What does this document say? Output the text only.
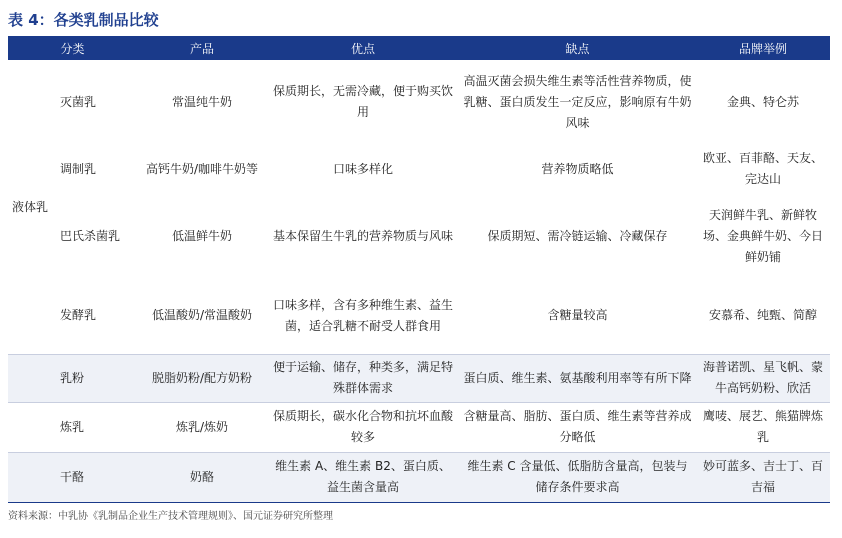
表 4：各类乳制品比较
分类	产品	优点	缺点	品牌举例
灭菌乳	常温纯牛奶	保质期长，无需冷藏，便于购买饮用	高温灭菌会损失维生素等活性营养物质，使乳糖、蛋白质发生一定反应，影响原有牛奶风味	金典、特仑苏
调制乳	高钙牛奶/咖啡牛奶等	口味多样化	营养物质略低	欧亚、百菲酪、天友、完达山

巴氏杀菌乳	低温鲜牛奶	基本保留生牛乳的营养物质与风味	保质期短、需冷链运输、冷藏保存	天润鲜牛乳、新鲜牧场、金典鲜牛奶、今日鲜奶铺
发酵乳	低温酸奶/常温酸奶	口味多样，含有多种维生素、益生菌，适合乳糖不耐受人群食用	含糖量较高	安慕希、纯甄、简醇
乳粉	脱脂奶粉/配方奶粉	便于运输、储存，种类多，满足特殊群体需求	蛋白质、维生素、氨基酸利用率等有所下降	海普诺凯、星飞帆、蒙牛高钙奶粉、欣活
炼乳	炼乳/炼奶	保质期长，碳水化合物和抗坏血酸较多	含糖量高、脂肪、蛋白质、维生素等营养成分略低	鹰唛、展艺、熊猫牌炼乳
干酪	奶酪	维生素 A、维生素 B2、蛋白质、益生菌含量高	维生素 C 含量低、低脂肪含量高，包装与储存条件要求高	妙可蓝多、吉士丁、百吉福
资料来源：中乳协《乳制品企业生产技术管理规则》、国元证券研究所整理
液体乳
